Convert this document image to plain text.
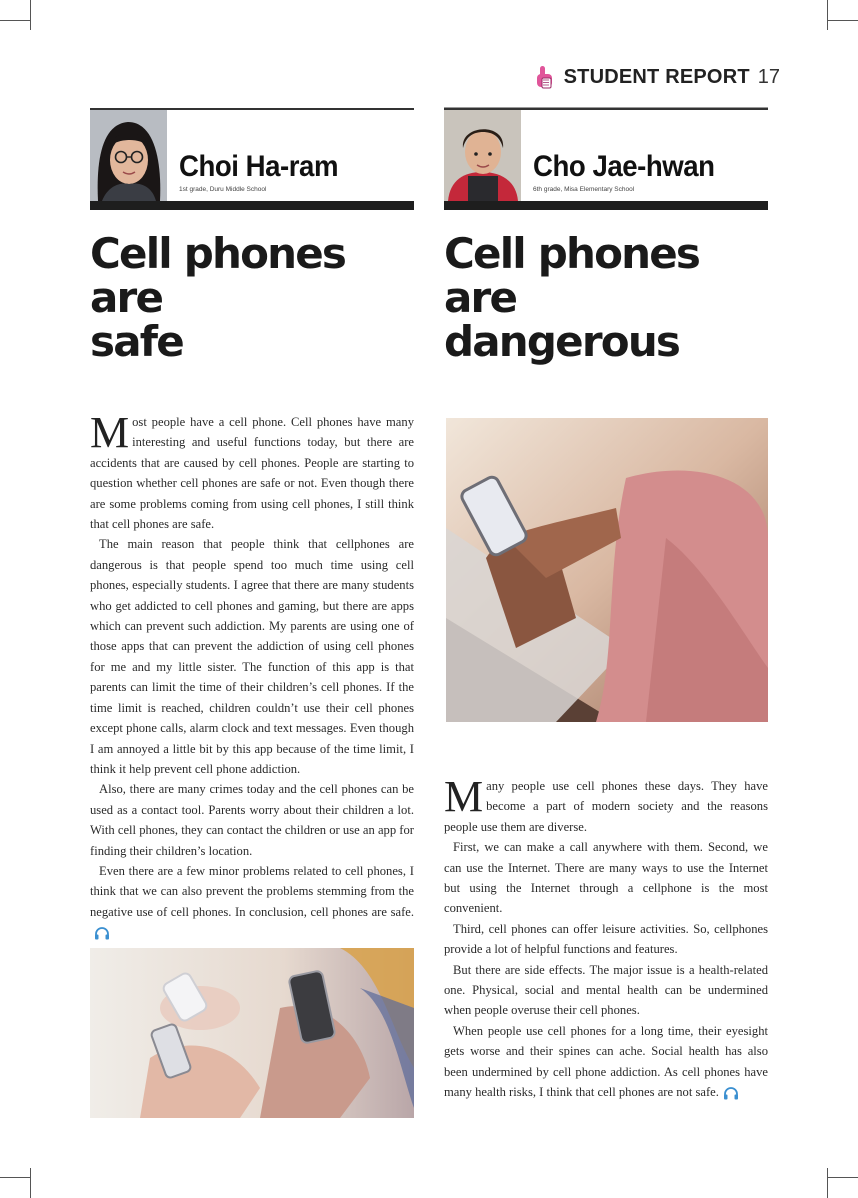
STUDENT REPORT 17
Choi Ha-ram
1st grade, Duru Middle School
Cho Jae-hwan
6th grade, Misa Elementary School
Cell phones are
safe
Cell phones are
dangerous

Most people have a cell phone. Cell phones have many interesting and useful functions today, but there are accidents that are caused by cell phones. People are starting to question whether cell phones are safe or not. Even though there are some problems coming from using cell phones, I still think that cell phones are safe.

The main reason that people think that cellphones are dangerous is that people spend too much time using cell phones, especially students. I agree that there are many students who get addicted to cell phones and gaming, but there are apps which can prevent such addiction. My parents are using one of those apps that can prevent the addiction of using cell phones for me and my little sister. The function of this app is that parents can limit the time of their children’s cell phones. If the time limit is reached, children couldn’t use their cell phones except phone calls, alarm clock and text messages. Even though I am annoyed a little bit by this app because of the time limit, I think it help prevent cell phone addiction.

Also, there are many crimes today and the cell phones can be used as a contact tool. Parents worry about their children a lot. With cell phones, they can contact the children or use an app for finding their children’s location.

Even there are a few minor problems related to cell phones, I think that we can also prevent the problems stemming from the negative use of cell phones. In conclusion, cell phones are safe.

Many people use cell phones these days. They have become a part of modern society and the reasons people use them are diverse.

First, we can make a call anywhere with them. Second, we can use the Internet. There are many ways to use the Internet but using the Internet through a cellphone is the most convenient.

Third, cell phones can offer leisure activities. So, cellphones provide a lot of helpful functions and features.

But there are side effects. The major issue is a health-related one. Physical, social and mental health can be undermined when people overuse their cell phones.

When people use cell phones for a long time, their eyesight gets worse and their spines can ache. Social health has also been undermined by cell phone addiction. As cell phones have many health risks, I think that cell phones are not safe.
